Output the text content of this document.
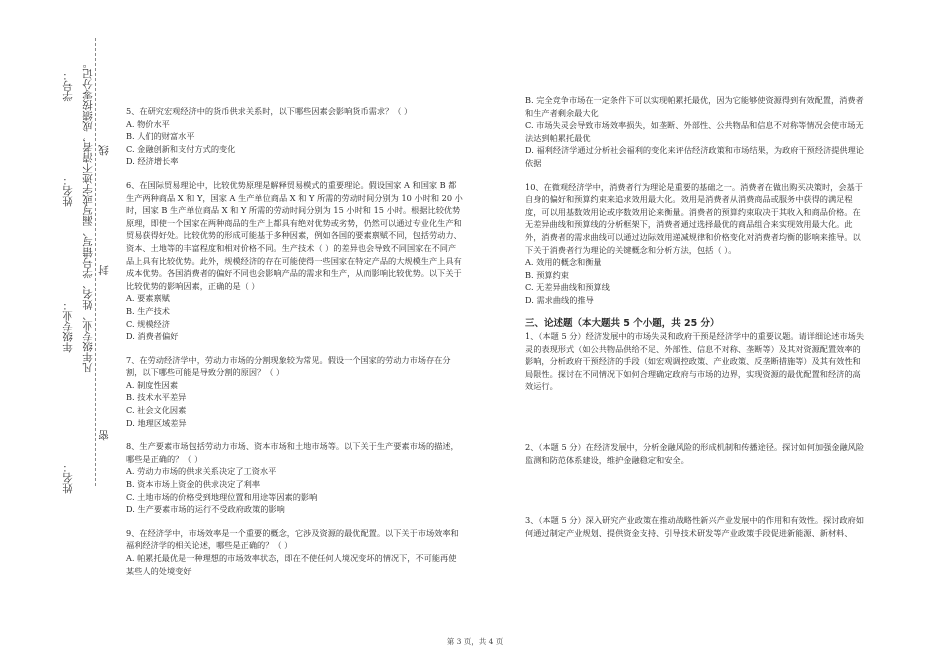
学号：
姓名：
年级专业：
姓名：
凡年级专业、姓名、学号错写、漏写或字迹不清者，成绩按零分记。 线
封
密

5、在研究宏观经济中的货币供求关系时，以下哪些因素会影响货币需求？（ ）

A. 物价水平

B. 人们的财富水平

C. 金融创新和支付方式的变化

D. 经济增长率

6、在国际贸易理论中，比较优势原理是解释贸易模式的重要理论。假设国家 A 和国家 B 都生产两种商品 X 和 Y，国家 A 生产单位商品 X 和 Y 所需的劳动时间分别为 10 小时和 20 小时，国家 B 生产单位商品 X 和 Y 所需的劳动时间分别为 15 小时和 15 小时。根据比较优势原理，即使一个国家在两种商品的生产上都具有绝对优势或劣势，仍然可以通过专业化生产和贸易获得好处。比较优势的形成可能基于多种因素，例如各国的要素禀赋不同，包括劳动力、资本、土地等的丰富程度和相对价格不同。生产技术（ ）的差异也会导致不同国家在不同产品上具有比较优势。此外，规模经济的存在可能使得一些国家在特定产品的大规模生产上具有成本优势。各国消费者的偏好不同也会影响产品的需求和生产，从而影响比较优势。以下关于比较优势的影响因素，正确的是（ ）

A. 要素禀赋

B. 生产技术

C. 规模经济

D. 消费者偏好

7、在劳动经济学中，劳动力市场的分割现象较为常见。假设一个国家的劳动力市场存在分割，以下哪些可能是导致分割的原因？（ ）

A. 制度性因素

B. 技术水平差异

C. 社会文化因素

D. 地理区域差异

8、生产要素市场包括劳动力市场、资本市场和土地市场等。以下关于生产要素市场的描述，哪些是正确的？（ ）

A. 劳动力市场的供求关系决定了工资水平

B. 资本市场上资金的供求决定了利率

C. 土地市场的价格受到地理位置和用途等因素的影响

D. 生产要素市场的运行不受政府政策的影响

9、在经济学中，市场效率是一个重要的概念，它涉及资源的最优配置。以下关于市场效率和福利经济学的相关论述，哪些是正确的？（ ）

A. 帕累托最优是一种理想的市场效率状态，即在不使任何人境况变坏的情况下，不可能再使某些人的处境变好

B. 完全竞争市场在一定条件下可以实现帕累托最优，因为它能够使资源得到有效配置，消费者和生产者剩余最大化

C. 市场失灵会导致市场效率损失，如垄断、外部性、公共物品和信息不对称等情况会使市场无法达到帕累托最优

D. 福利经济学通过分析社会福利的变化来评估经济政策和市场结果，为政府干预经济提供理论依据

10、在微观经济学中，消费者行为理论是重要的基础之一。消费者在做出购买决策时，会基于自身的偏好和预算约束来追求效用最大化。效用是消费者从消费商品或服务中获得的满足程度，可以用基数效用论或序数效用论来衡量。消费者的预算约束取决于其收入和商品价格。在无差异曲线和预算线的分析框架下，消费者通过选择最优的商品组合来实现效用最大化。此外，消费者的需求曲线可以通过边际效用递减规律和价格变化对消费者均衡的影响来推导。以下关于消费者行为理论的关键概念和分析方法，包括（ ）。

A. 效用的概念和衡量

B. 预算约束

C. 无差异曲线和预算线

D. 需求曲线的推导

三、论述题（本大题共 5 个小题，共 25 分）

1、（本题 5 分）经济发展中的市场失灵和政府干预是经济学中的重要议题。请详细论述市场失灵的表现形式（如公共物品供给不足、外部性、信息不对称、垄断等）及其对资源配置效率的影响，分析政府干预经济的手段（如宏观调控政策、产业政策、反垄断措施等）及其有效性和局限性。探讨在不同情况下如何合理确定政府与市场的边界，实现资源的最优配置和经济的高效运行。

2、（本题 5 分）在经济发展中，分析金融风险的形成机制和传播途径。探讨如何加强金融风险监测和防范体系建设，维护金融稳定和安全。

3、（本题 5 分）深入研究产业政策在推动战略性新兴产业发展中的作用和有效性。探讨政府如何通过制定产业规划、提供资金支持、引导技术研发等产业政策手段促进新能源、新材料、

第 3 页，共 4 页
